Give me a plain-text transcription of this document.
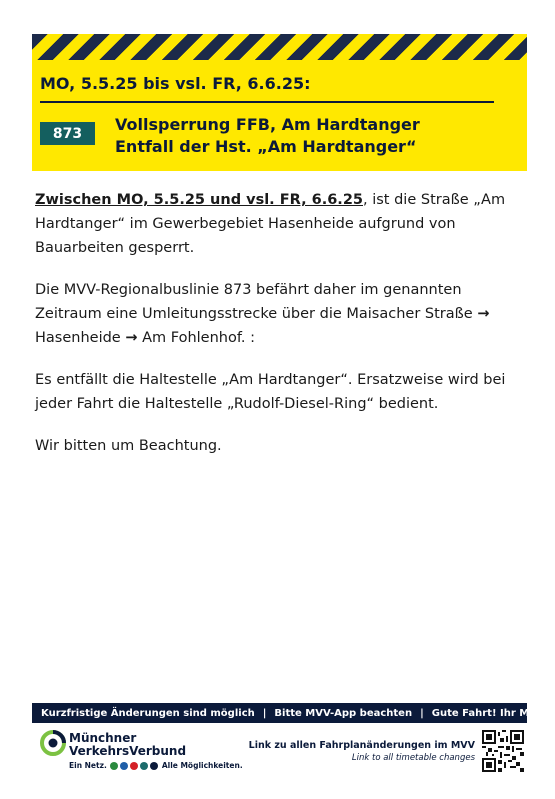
MO, 5.5.25 bis vsl. FR, 6.6.25:
873	Vollsperrung FFB, Am Hardtanger
Entfall der Hst. „Am Hardtanger“

Zwischen MO, 5.5.25 und vsl. FR, 6.6.25, ist die Straße „Am Hardtanger“ im Gewerbegebiet Hasenheide aufgrund von Bauarbeiten gesperrt.

Die MVV-Regionalbuslinie 873 befährt daher im genannten Zeitraum eine Umleitungsstrecke über die Maisacher Straße → Hasenheide → Am Fohlenhof. :

Es entfällt die Haltestelle „Am Hardtanger“. Ersatzweise wird bei jeder Fahrt die Haltestelle „Rudolf-Diesel-Ring“ bedient.

Wir bitten um Beachtung.

Kurzfristige Änderungen sind möglich | Bitte MVV-App beachten | Gute Fahrt! Ihr MVV.
Münchner
VerkehrsVerbund
Ein Netz.	Alle Möglichkeiten.
Link zu allen Fahrplanänderungen im MVV
Link to all timetable changes
